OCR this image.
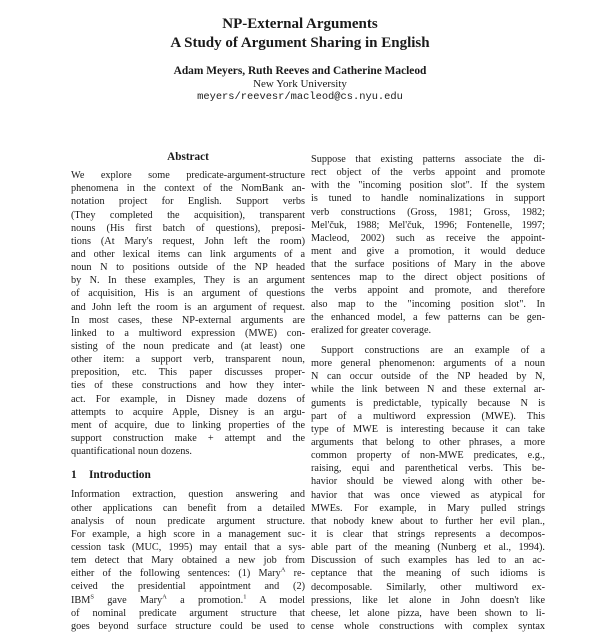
NP-External Arguments
A Study of Argument Sharing in English
Adam Meyers, Ruth Reeves and Catherine Macleod
New York University
meyers/reevesr/macleod@cs.nyu.edu
Abstract
We explore some predicate-argument-structure
phenomena in the context of the NomBank an-
notation project for English. Support verbs
(They completed the acquisition), transparent
nouns (His first batch of questions), preposi-
tions (At Mary's request, John left the room)
and other lexical items can link arguments of a
noun N to positions outside of the NP headed
by N. In these examples, They is an argument
of acquisition, His is an argument of questions
and John left the room is an argument of request.
In most cases, these NP-external arguments are
linked to a multiword expression (MWE) con-
sisting of the noun predicate and (at least) one
other item: a support verb, transparent noun,
preposition, etc. This paper discusses proper-
ties of these constructions and how they inter-
act. For example, in Disney made dozens of
attempts to acquire Apple, Disney is an argu-
ment of acquire, due to linking properties of the
support construction make + attempt and the
quantificational noun dozens.
1 Introduction
Information extraction, question answering and
other applications can benefit from a detailed
analysis of noun predicate argument structure.
For example, a high score in a management suc-
cession task (MUC, 1995) may entail that a sys-
tem detect that Mary obtained a new job from
either of the following sentences: (1) Mary$^A$ re-
ceived the presidential appointment and (2)
$IBM^S$ gave Mary$^A$ a promotion.$^1$ A model
of nominal predicate argument structure that
goes beyond surface structure could be used to
Suppose that existing patterns associate the di-
rect object of the verbs appoint and promote
with the "incoming position slot". If the system
is tuned to handle nominalizations in support
verb constructions (Gross, 1981; Gross, 1982;
Mel'čuk, 1988; Mel'čuk, 1996; Fontenelle, 1997;
Macleod, 2002) such as receive the appoint-
ment and give a promotion, it would deduce
that the surface positions of Mary in the above
sentences map to the direct object positions of
the verbs appoint and promote, and therefore
also map to the "incoming position slot". In
the enhanced model, a few patterns can be gen-
eralized for greater coverage.
Support constructions are an example of a
more general phenomenon: arguments of a noun
N can occur outside of the NP headed by N,
while the link between N and these external ar-
guments is predictable, typically because N is
part of a multiword expression (MWE). This
type of MWE is interesting because it can take
arguments that belong to other phrases, a more
common property of non-MWE predicates, e.g.,
raising, equi and parenthetical verbs. This be-
havior should be viewed along with other be-
havior that was once viewed as atypical for
MWEs. For example, in Mary pulled strings
that nobody knew about to further her evil plan.,
it is clear that strings represents a decompos-
able part of the meaning (Nunberg et al., 1994).
Discussion of such examples has led to an ac-
ceptance that the meaning of such idioms is
decomposable. Similarly, other multiword ex-
pressions, like let alone in John doesn't like
cheese, let alone pizza, have been shown to li-
cense whole constructions with complex syntax
